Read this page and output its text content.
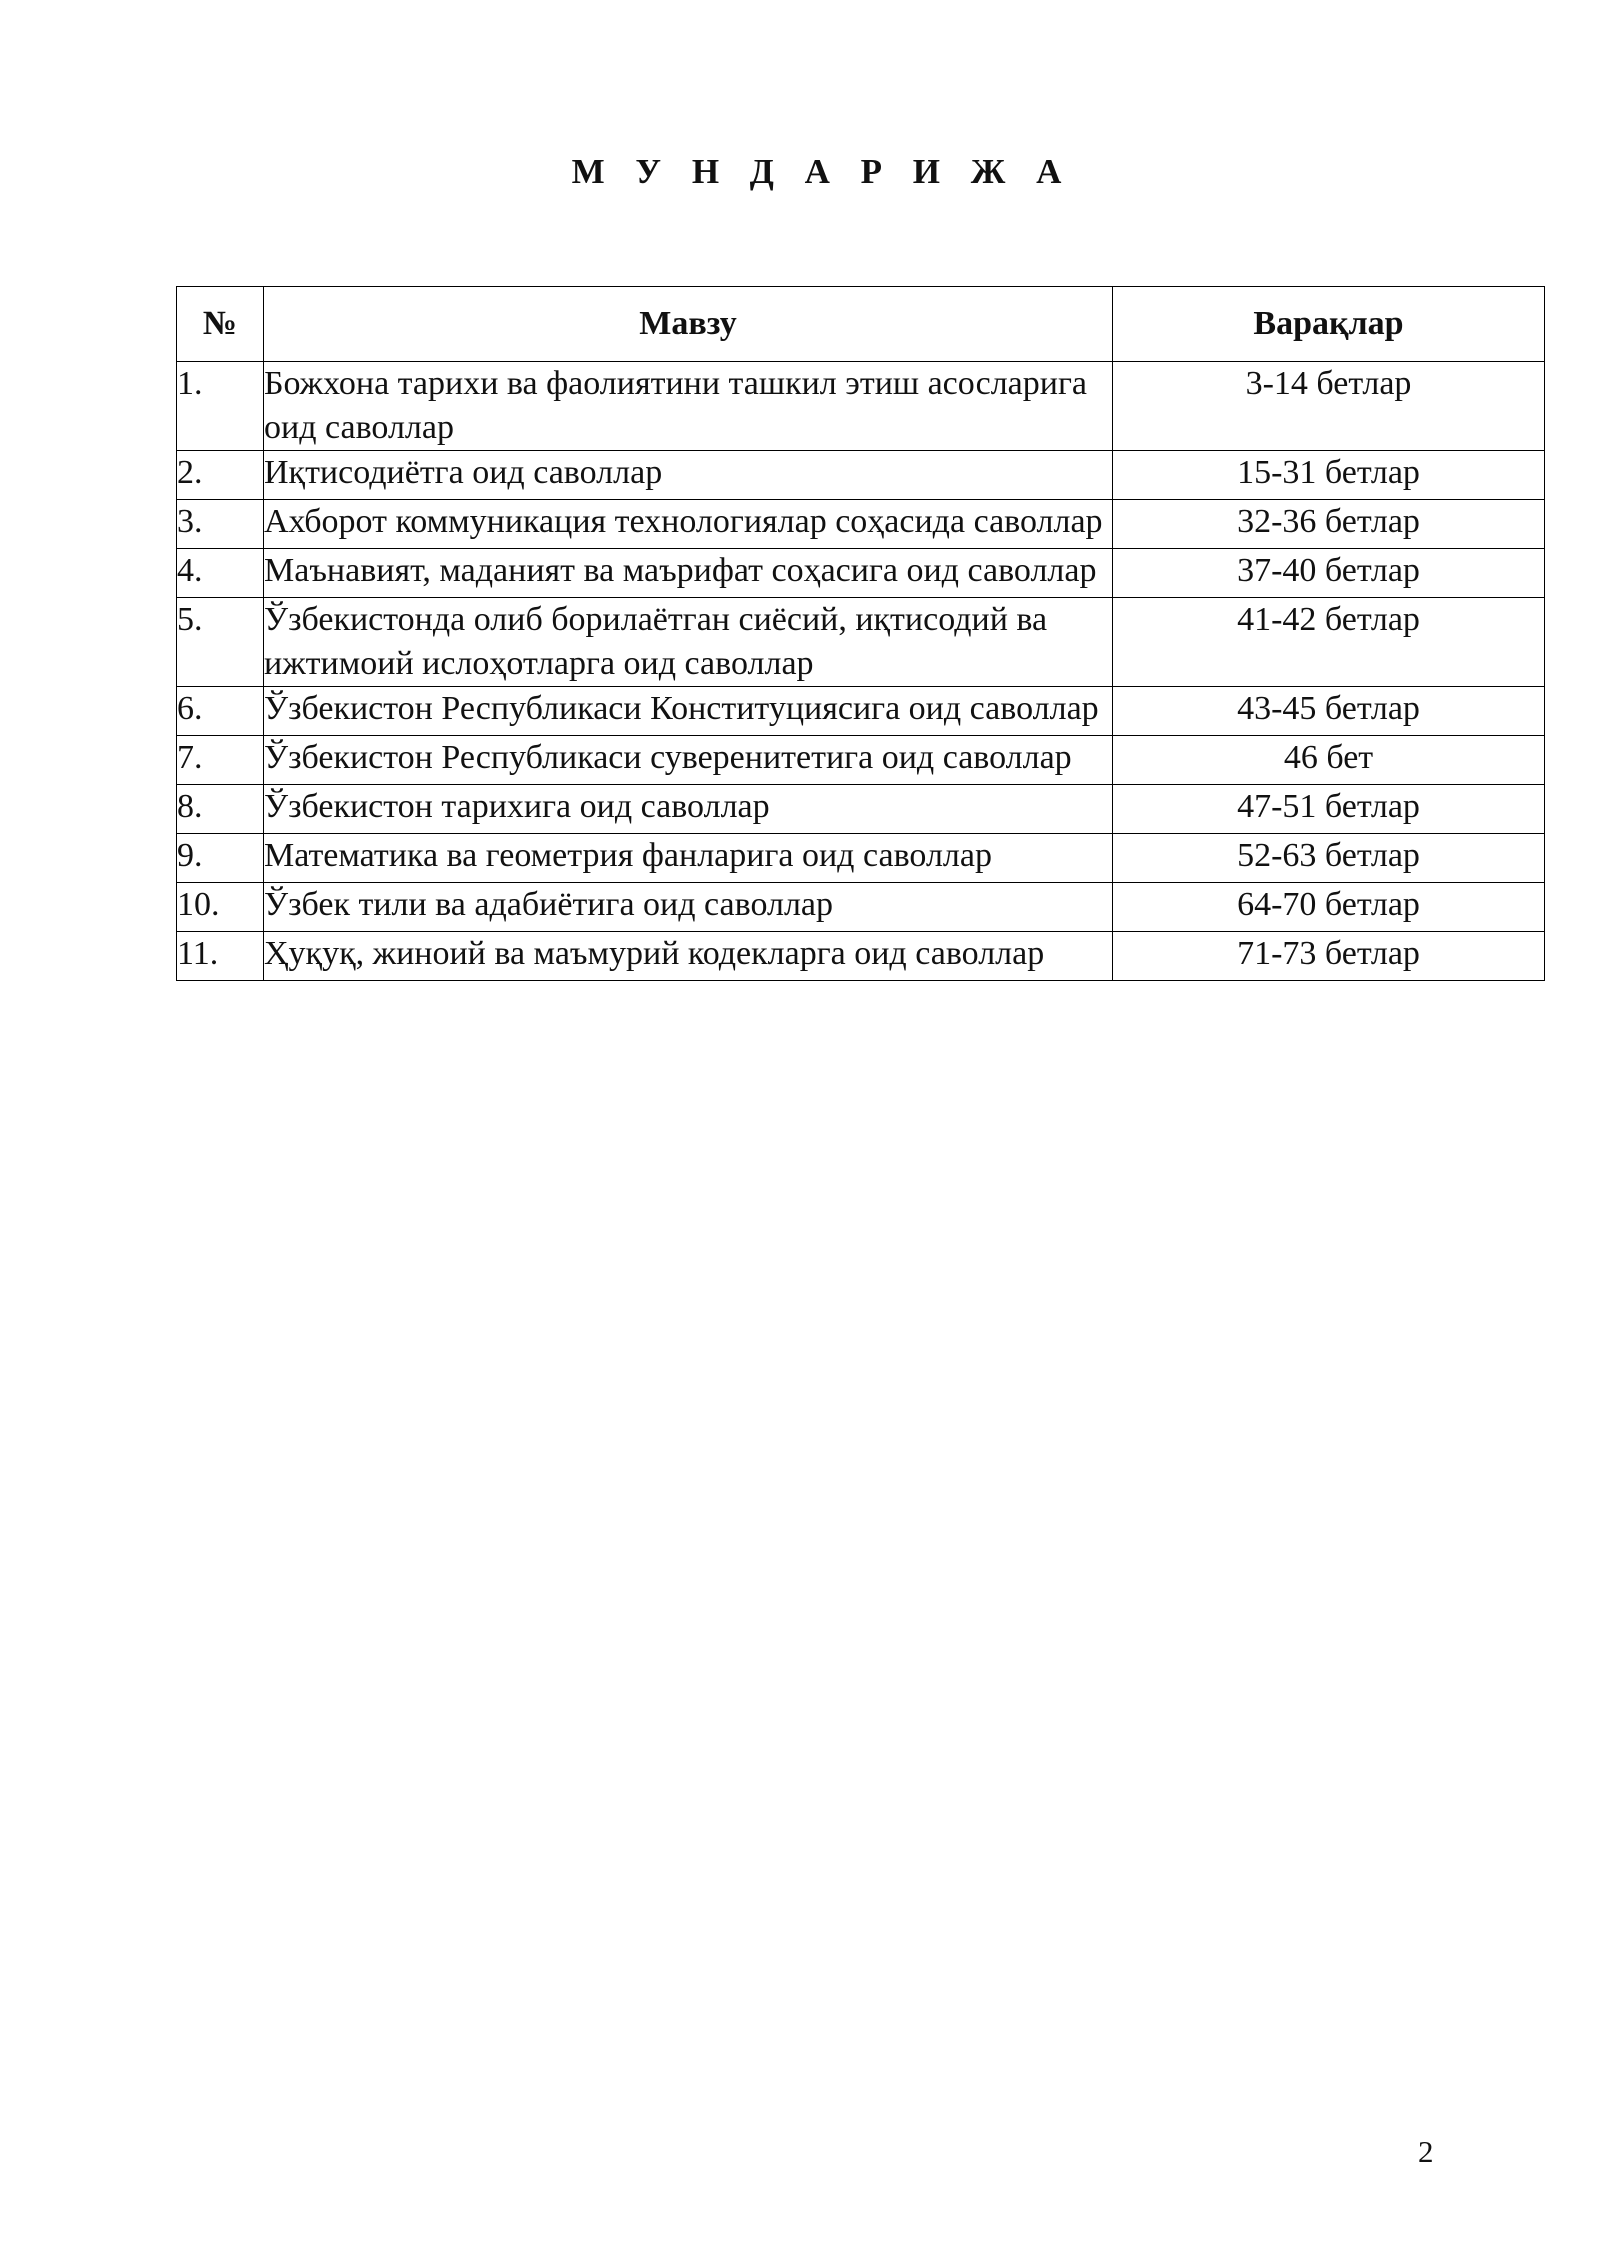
М У Н Д А Р И Ж А
№	Мавзу	Варақлар
1.	Божхона тарихи ва фаолиятини ташкил этиш асосларига оид саволлар	3-14 бетлар
2.	Иқтисодиётга оид саволлар	15-31 бетлар
3.	Ахборот коммуникация технологиялар соҳасида саволлар	32-36 бетлар
4.	Маънавият, маданият ва маърифат соҳасига оид саволлар	37-40 бетлар
5.	Ўзбекистонда олиб борилаётган сиёсий, иқтисодий ва ижтимоий ислоҳотларга оид саволлар	41-42 бетлар
6.	Ўзбекистон Республикаси Конституциясига оид саволлар	43-45 бетлар
7.	Ўзбекистон Республикаси суверенитетига оид саволлар	46 бет
8.	Ўзбекистон тарихига оид саволлар	47-51 бетлар
9.	Математика ва геометрия фанларига оид саволлар	52-63 бетлар
10.	Ўзбек тили ва адабиётига оид саволлар	64-70 бетлар
11.	Ҳуқуқ, жиноий ва маъмурий кодекларга оид саволлар	71-73 бетлар
2
